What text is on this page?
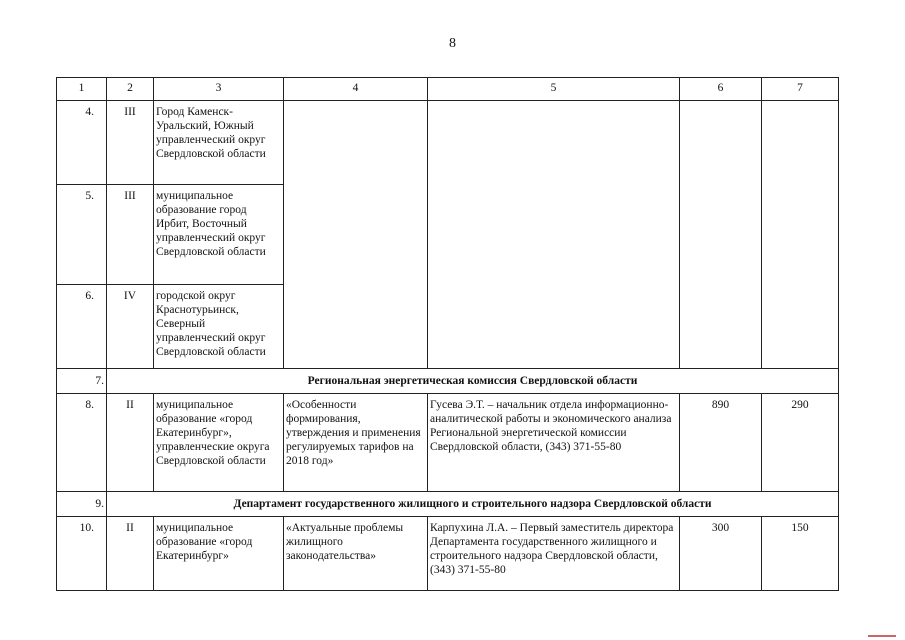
8
1	2	3	4	5	6	7
4.	III	Город Каменск-Уральский, Южный управленческий округ Свердловской области				
5.	III	муниципальное образование город Ирбит, Восточный управленческий округ Свердловской области				
6.	IV	городской округ Краснотурьинск, Северный управленческий округ Свердловской области				
7.	Региональная энергетическая комиссия Свердловской области					
8.	II	муниципальное образование «город Екатеринбург», управленческие округа Свердловской области	«Особенности формирования, утверждения и применения регулируемых тарифов на 2018 год»	Гусева Э.Т. – начальник отдела информационно-аналитической работы и экономического анализа Региональной энергетической комиссии Свердловской области, (343) 371-55-80	890	290
9.	Департамент государственного жилищного и строительного надзора Свердловской области					
10.	II	муниципальное образование «город Екатеринбург»	«Актуальные проблемы жилищного законодательства»	Карпухина Л.А. – Первый заместитель директора Департамента государственного жилищного и строительного надзора Свердловской области, (343) 371-55-80	300	150
